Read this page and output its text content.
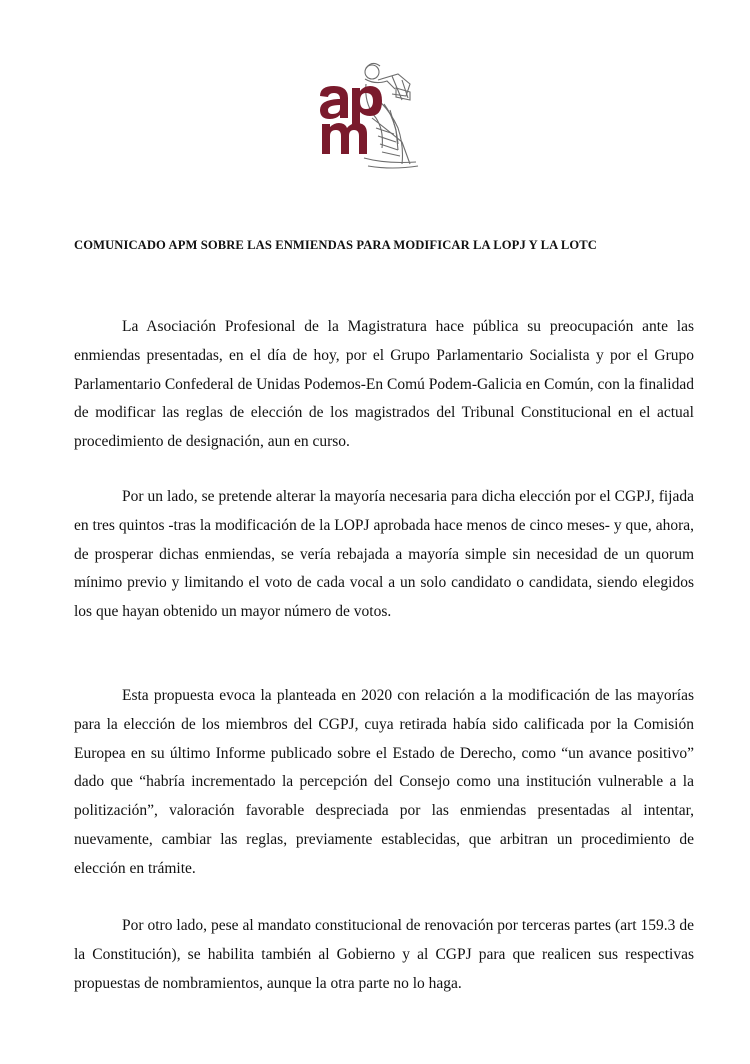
COMUNICADO APM SOBRE LAS ENMIENDAS PARA MODIFICAR LA LOPJ Y LA LOTC

La Asociación Profesional de la Magistratura hace pública su preocupación ante las enmiendas presentadas, en el día de hoy, por el Grupo Parlamentario Socialista y por el Grupo Parlamentario Confederal de Unidas Podemos-En Comú Podem-Galicia en Común, con la finalidad de modificar las reglas de elección de los magistrados del Tribunal Constitucional en el actual procedimiento de designación, aun en curso.

Por un lado, se pretende alterar la mayoría necesaria para dicha elección por el CGPJ, fijada en tres quintos -tras la modificación de la LOPJ aprobada hace menos de cinco meses- y que, ahora, de prosperar dichas enmiendas, se vería rebajada a mayoría simple sin necesidad de un quorum mínimo previo y limitando el voto de cada vocal a un solo candidato o candidata, siendo elegidos los que hayan obtenido un mayor número de votos.

Esta propuesta evoca la planteada en 2020 con relación a la modificación de las mayorías para la elección de los miembros del CGPJ, cuya retirada había sido calificada por la Comisión Europea en su último Informe publicado sobre el Estado de Derecho, como “un avance positivo” dado que “habría incrementado la percepción del Consejo como una institución vulnerable a la politización”, valoración favorable despreciada por las enmiendas presentadas al intentar, nuevamente, cambiar las reglas, previamente establecidas, que arbitran un procedimiento de elección en trámite.

Por otro lado, pese al mandato constitucional de renovación por terceras partes (art 159.3 de la Constitución), se habilita también al Gobierno y al CGPJ para que realicen sus respectivas propuestas de nombramientos, aunque la otra parte no lo haga.
